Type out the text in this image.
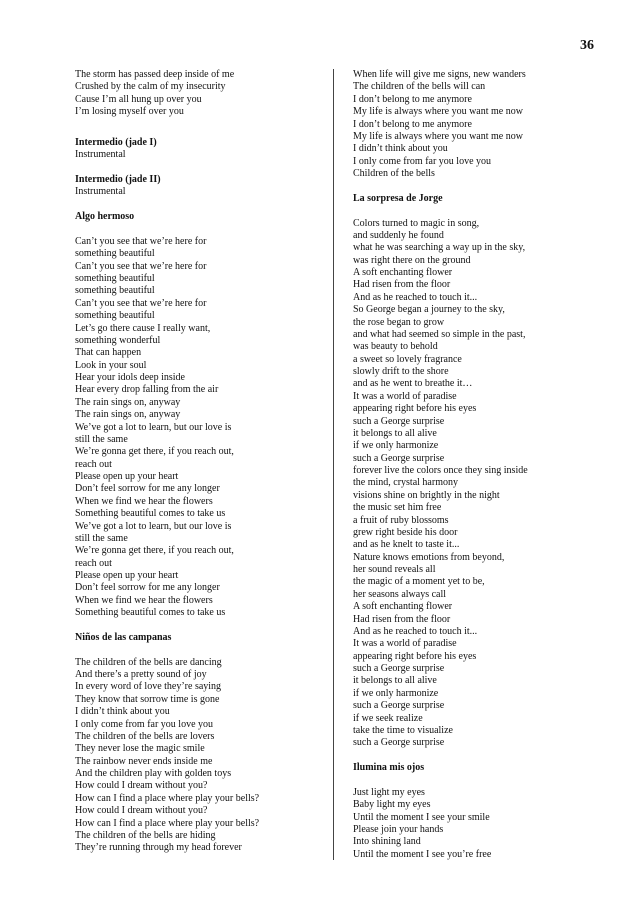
36
The storm has passed deep inside of me
Crushed by the calm of my insecurity
Cause I’m all hung up over you
I’m losing myself over you
Intermedio (jade I)
Instrumental
Intermedio (jade II)
Instrumental
Algo hermoso
Can’t you see that we’re here for
something beautiful
Can’t you see that we’re here for
something beautiful
something beautiful
Can’t you see that we’re here for
something beautiful
Let’s go there cause I really want,
something wonderful
That can happen
Look in your soul
Hear your idols deep inside
Hear every drop falling from the air
The rain sings on, anyway
The rain sings on, anyway
We’ve got a lot to learn, but our love is
still the same
We’re gonna get there, if you reach out,
reach out
Please open up your heart
Don’t feel sorrow for me any longer
When we find we hear the flowers
Something beautiful comes to take us
We’ve got a lot to learn, but our love is
still the same
We’re gonna get there, if you reach out,
reach out
Please open up your heart
Don’t feel sorrow for me any longer
When we find we hear the flowers
Something beautiful comes to take us
Niños de las campanas
The children of the bells are dancing
And there’s a pretty sound of joy
In every word of love they’re saying
They know that sorrow time is gone
I didn’t think about you
I only come from far you love you
The children of the bells are lovers
They never lose the magic smile
The rainbow never ends inside me
And the children play with golden toys
How could I dream without you?
How can I find a place where play your bells?
How could I dream without you?
How can I find a place where play your bells?
The children of the bells are hiding
They’re running through my head forever
When life will give me signs, new wanders
The children of the bells will can
I don’t belong to me anymore
My life is always where you want me now
I don’t belong to me anymore
My life is always where you want me now
I didn’t think about you
I only come from far you love you
Children of the bells
La sorpresa de Jorge
Colors turned to magic in song,
and suddenly he found
what he was searching a way up in the sky,
was right there on the ground
A soft enchanting flower
Had risen from the floor
And as he reached to touch it...
So George began a journey to the sky,
the rose began to grow
and what had seemed so simple in the past,
was beauty to behold
a sweet so lovely fragrance
slowly drift to the shore
and as he went to breathe it…
It was a world of paradise
appearing right before his eyes
such a George surprise
it belongs to all alive
if we only harmonize
such a George surprise
forever live the colors once they sing inside
the mind, crystal harmony
visions shine on brightly in the night
the music set him free
a fruit of ruby blossoms
grew right beside his door
and as he knelt to taste it...
Nature knows emotions from beyond,
her sound reveals all
the magic of a moment yet to be,
her seasons always call
A soft enchanting flower
Had risen from the floor
And as he reached to touch it...
It was a world of paradise
appearing right before his eyes
such a George surprise
it belongs to all alive
if we only harmonize
such a George surprise
if we seek realize
take the time to visualize
such a George surprise
Ilumina mis ojos
Just light my eyes
Baby light my eyes
Until the moment I see your smile
Please join your hands
Into shining land
Until the moment I see you’re free
